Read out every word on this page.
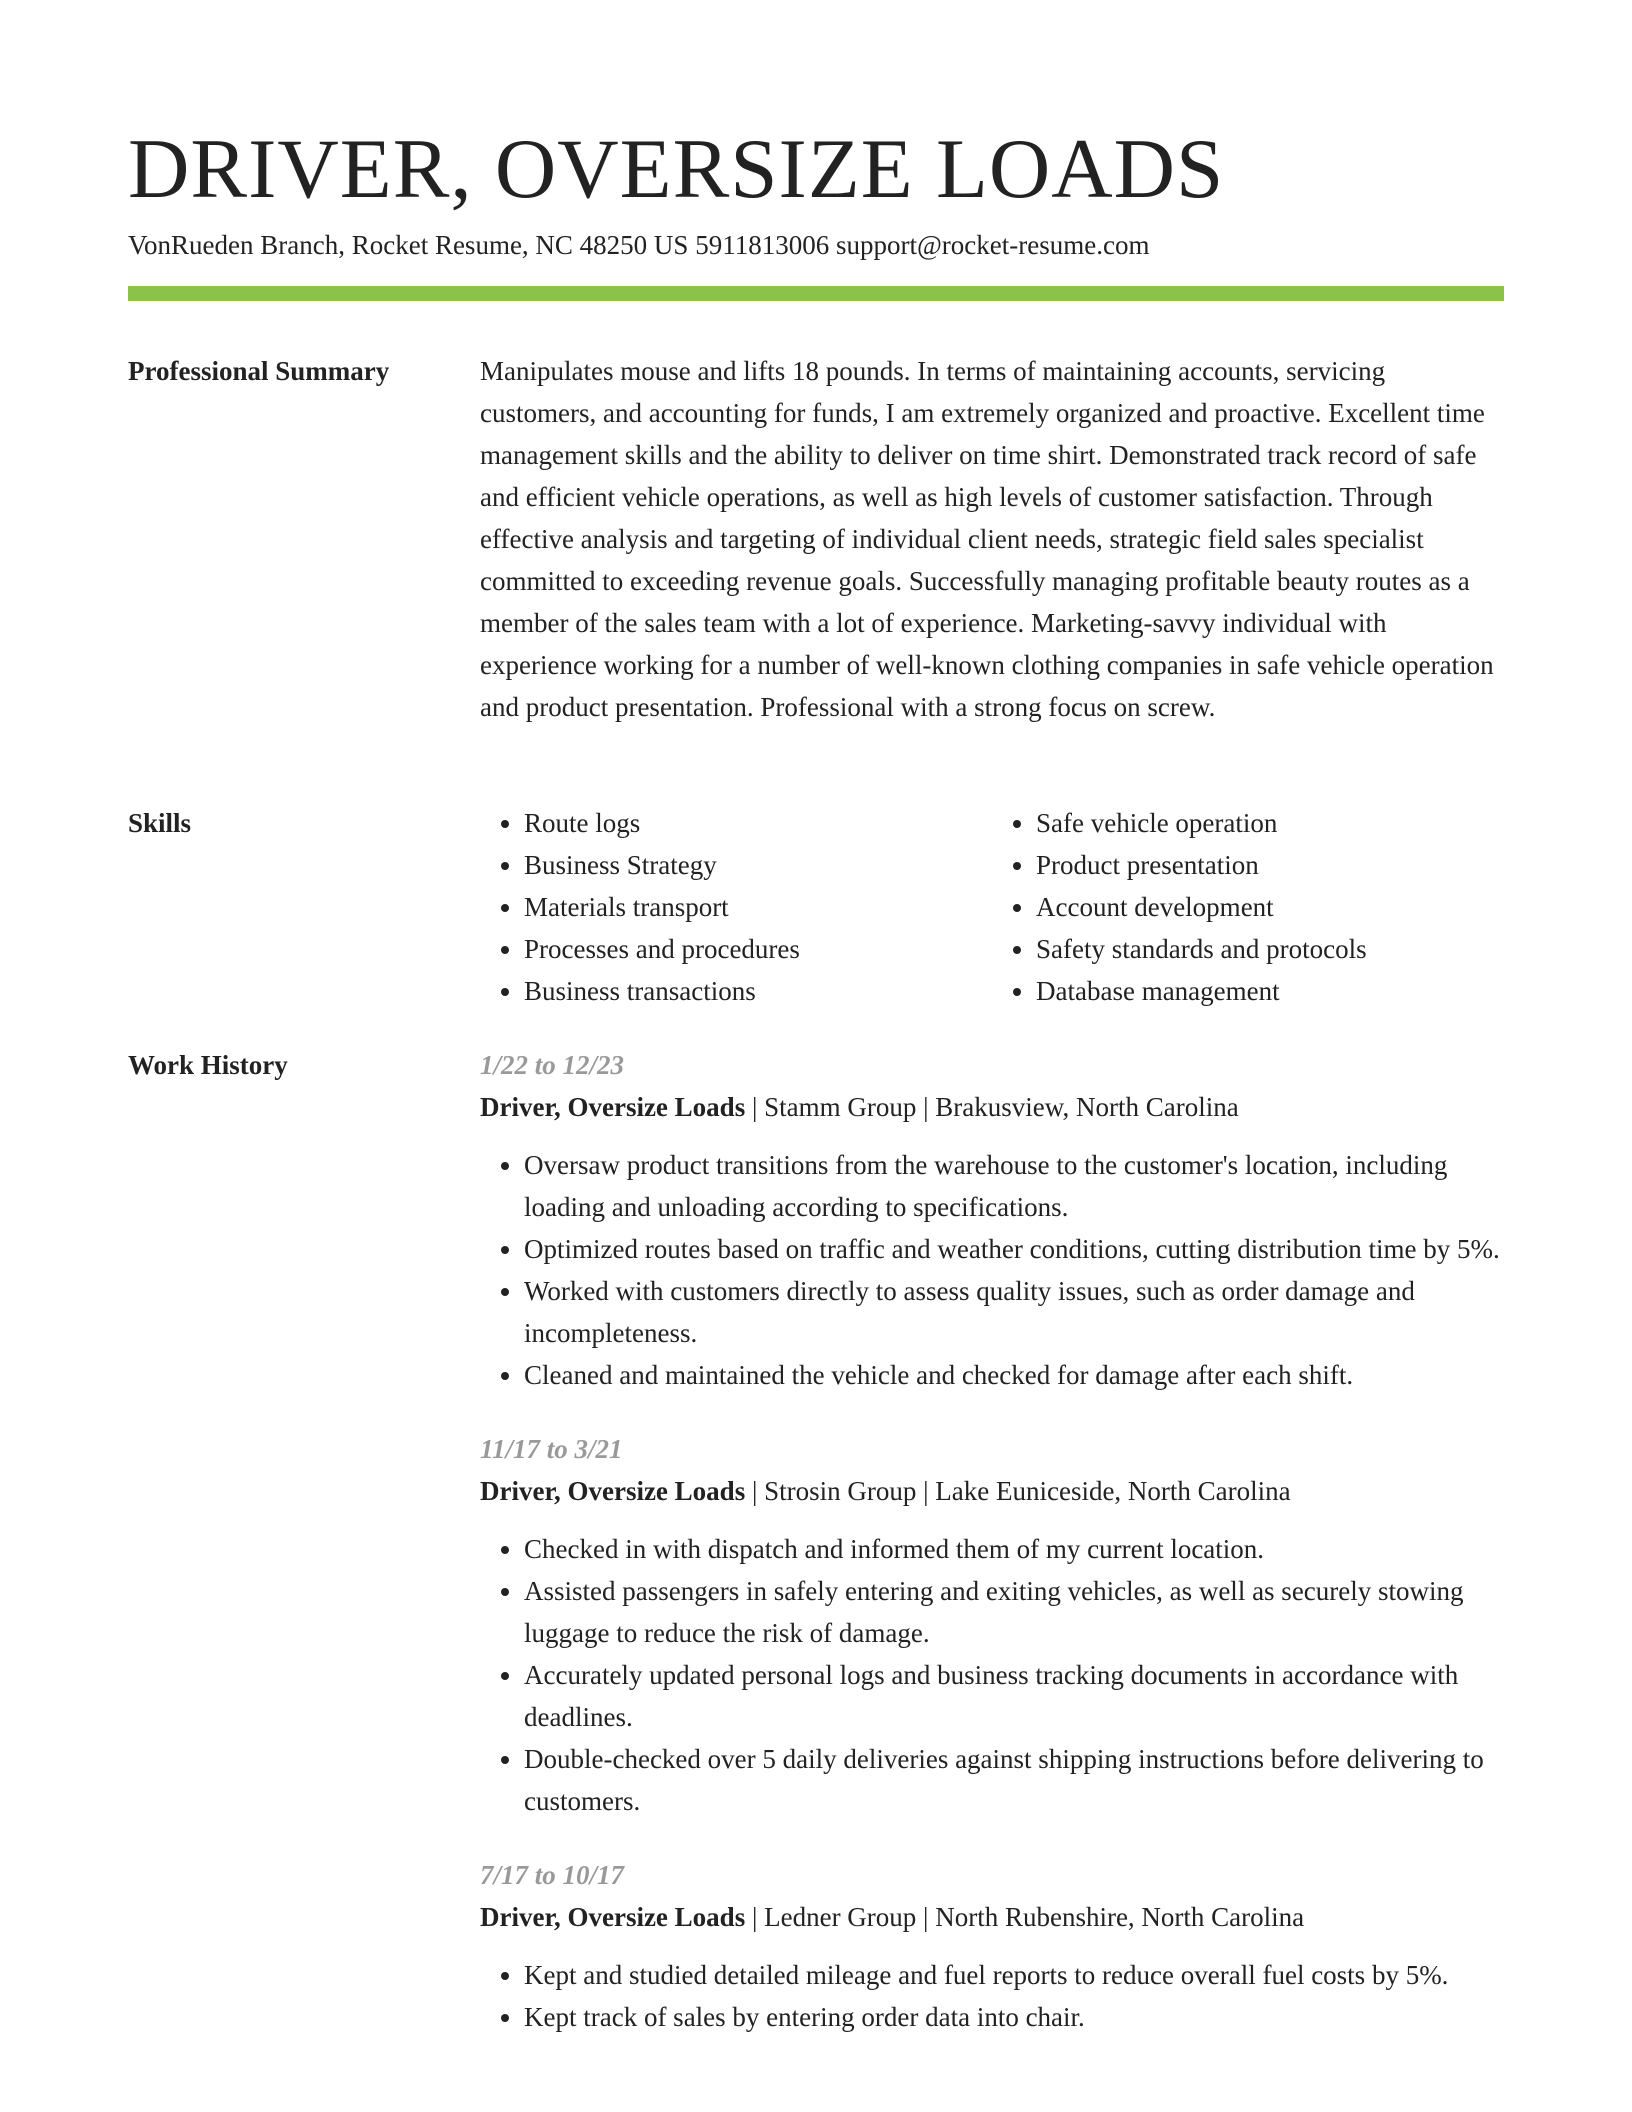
DRIVER, OVERSIZE LOADS
VonRueden Branch, Rocket Resume, NC 48250 US 5911813006 support@rocket-resume.com
Professional Summary	Manipulates mouse and lifts 18 pounds. In terms of maintaining accounts, servicing customers, and accounting for funds, I am extremely organized and proactive. Excellent time management skills and the ability to deliver on time shirt. Demonstrated track record of safe and efficient vehicle operations, as well as high levels of customer satisfaction. Through effective analysis and targeting of individual client needs, strategic field sales specialist committed to exceeding revenue goals. Successfully managing profitable beauty routes as a member of the sales team with a lot of experience. Marketing-savvy individual with experience working for a number of well-known clothing companies in safe vehicle operation and product presentation. Professional with a strong focus on screw.

Skills
•	Route logs
• Business Strategy
• Materials transport
• Processes and procedures
• Business transactions
• Safe vehicle operation
• Product presentation
• Account development
• Safety standards and protocols
• Database management
Work History	1/22 to 12/23
Driver, Oversize Loads | Stamm Group | Brakusview, North Carolina
• Oversaw product transitions from the warehouse to the customer's location, including loading and unloading according to specifications.
• Optimized routes based on traffic and weather conditions, cutting distribution time by 5%.
• Worked with customers directly to assess quality issues, such as order damage and incompleteness.
• Cleaned and maintained the vehicle and checked for damage after each shift.
11/17 to 3/21
Driver, Oversize Loads | Strosin Group | Lake Euniceside, North Carolina
• Checked in with dispatch and informed them of my current location.
• Assisted passengers in safely entering and exiting vehicles, as well as securely stowing luggage to reduce the risk of damage.
• Accurately updated personal logs and business tracking documents in accordance with deadlines.
• Double-checked over 5 daily deliveries against shipping instructions before delivering to customers.
7/17 to 10/17
Driver, Oversize Loads | Ledner Group | North Rubenshire, North Carolina
• Kept and studied detailed mileage and fuel reports to reduce overall fuel costs by 5%.
• Kept track of sales by entering order data into chair.
